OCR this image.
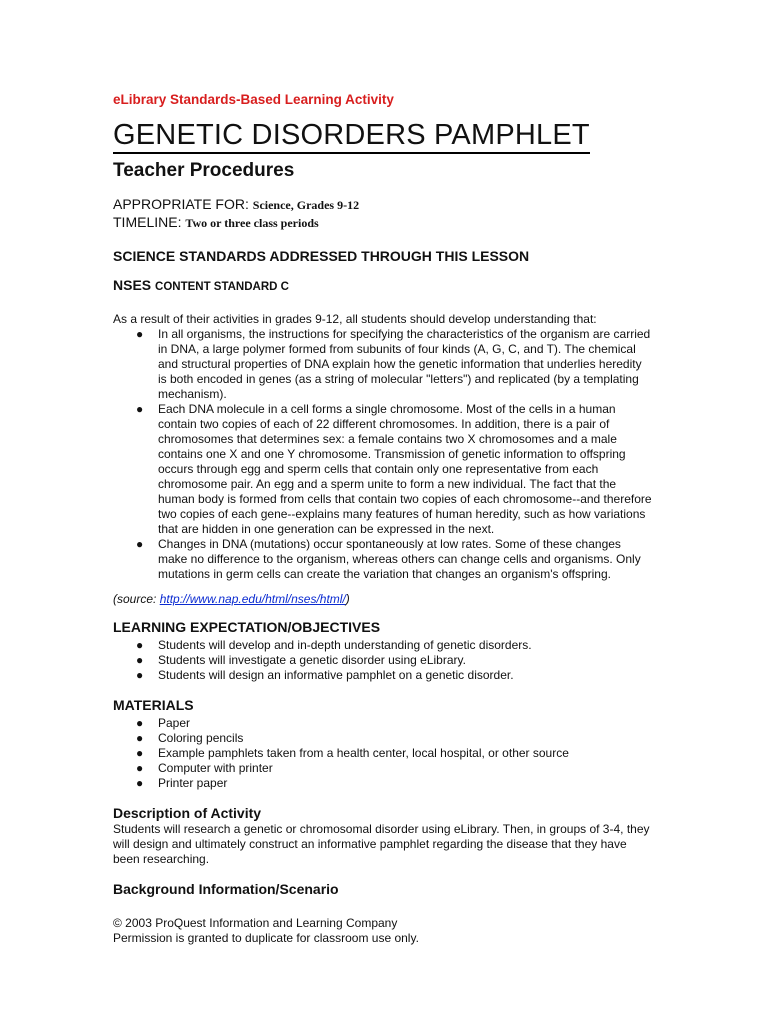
eLibrary Standards-Based Learning Activity
GENETIC DISORDERS PAMPHLET
Teacher Procedures
APPROPRIATE FOR: Science, Grades 9-12
TIMELINE: Two or three class periods
SCIENCE STANDARDS ADDRESSED THROUGH THIS LESSON
NSES CONTENT STANDARD C

As a result of their activities in grades 9-12, all students should develop understanding that:

● In all organisms, the instructions for specifying the characteristics of the organism are carried in DNA, a large polymer formed from subunits of four kinds (A, G, C, and T). The chemical and structural properties of DNA explain how the genetic information that underlies heredity is both encoded in genes (as a string of molecular "letters") and replicated (by a templating mechanism).
● Each DNA molecule in a cell forms a single chromosome. Most of the cells in a human contain two copies of each of 22 different chromosomes. In addition, there is a pair of chromosomes that determines sex: a female contains two X chromosomes and a male contains one X and one Y chromosome. Transmission of genetic information to offspring occurs through egg and sperm cells that contain only one representative from each chromosome pair. An egg and a sperm unite to form a new individual. The fact that the human body is formed from cells that contain two copies of each chromosome--and therefore two copies of each gene--explains many features of human heredity, such as how variations that are hidden in one generation can be expressed in the next.
● Changes in DNA (mutations) occur spontaneously at low rates. Some of these changes make no difference to the organism, whereas others can change cells and organisms. Only mutations in germ cells can create the variation that changes an organism's offspring.
(source: http://www.nap.edu/html/nses/html/)
LEARNING EXPECTATION/OBJECTIVES
● Students will develop and in-depth understanding of genetic disorders.
● Students will investigate a genetic disorder using eLibrary.
● Students will design an informative pamphlet on a genetic disorder.
MATERIALS
● Paper
● Coloring pencils
● Example pamphlets taken from a health center, local hospital, or other source
● Computer with printer
● Printer paper
Description of Activity

Students will research a genetic or chromosomal disorder using eLibrary. Then, in groups of 3-4, they will design and ultimately construct an informative pamphlet regarding the disease that they have been researching.

Background Information/Scenario
© 2003 ProQuest Information and Learning Company
Permission is granted to duplicate for classroom use only.
